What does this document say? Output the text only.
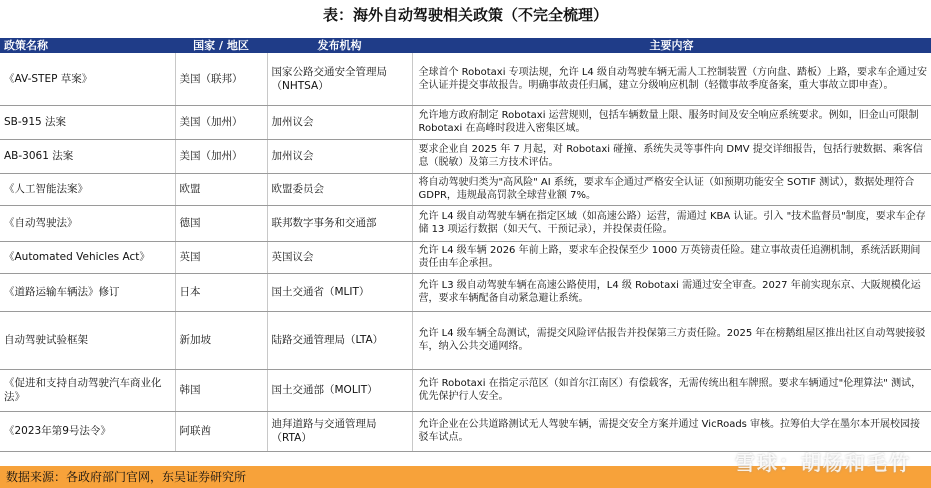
表：海外自动驾驶相关政策（不完全梳理）
政策名称	国家 / 地区	发布机构	主要内容
《AV-STEP 草案》	美国（联邦）	国家公路交通安全管理局（NHTSA）	全球首个 Robotaxi 专项法规，允许 L4 级自动驾驶车辆无需人工控制装置（方向盘、踏板）上路，要求车企通过安全认证并提交事故报告。明确事故责任归属，建立分级响应机制（轻微事故季度备案，重大事故立即申查）。
SB-915 法案	美国（加州）	加州议会	允许地方政府制定 Robotaxi 运营规则，包括车辆数量上限、服务时间及安全响应系统要求。例如，旧金山可限制 Robotaxi 在高峰时段进入密集区域。
AB-3061 法案	美国（加州）	加州议会	要求企业自 2025 年 7 月起，对 Robotaxi 碰撞、系统失灵等事件向 DMV 提交详细报告，包括行驶数据、乘客信息（脱敏）及第三方技术评估。
《人工智能法案》	欧盟	欧盟委员会	将自动驾驶归类为"高风险" AI 系统，要求车企通过严格安全认证（如预期功能安全 SOTIF 测试），数据处理符合 GDPR，违规最高罚款全球营业额 7%。
《自动驾驶法》	德国	联邦数字事务和交通部	允许 L4 级自动驾驶车辆在指定区域（如高速公路）运营，需通过 KBA 认证。引入 "技术监督员"制度，要求车企存储 13 项运行数据（如天气、干预记录），并投保责任险。
《Automated Vehicles Act》	英国	英国议会	允许 L4 级车辆 2026 年前上路，要求车企投保至少 1000 万英镑责任险。建立事故责任追溯机制，系统活跃期间责任由车企承担。
《道路运输车辆法》修订	日本	国土交通省（MLIT）	允许 L3 级自动驾驶车辆在高速公路使用，L4 级 Robotaxi 需通过安全审查。2027 年前实现东京、大阪规模化运营，要求车辆配备自动紧急避让系统。
自动驾驶试验框架	新加坡	陆路交通管理局（LTA）	允许 L4 级车辆全岛测试，需提交风险评估报告并投保第三方责任险。2025 年在榜鹅组屋区推出社区自动驾驶接驳车，纳入公共交通网络。
《促进和支持自动驾驶汽车商业化法》	韩国	国土交通部（MOLIT）	允许 Robotaxi 在指定示范区（如首尔江南区）有偿载客，无需传统出租车牌照。要求车辆通过"伦理算法" 测试，优先保护行人安全。
《2023年第9号法令》	阿联酋	迪拜道路与交通管理局（RTA）	允许企业在公共道路测试无人驾驶车辆，需提交安全方案并通过 VicRoads 审核。拉筹伯大学在墨尔本开展校园接驳车试点。
数据来源：各政府部门官网，东吴证券研究所
雪球：胡杨和毛竹
